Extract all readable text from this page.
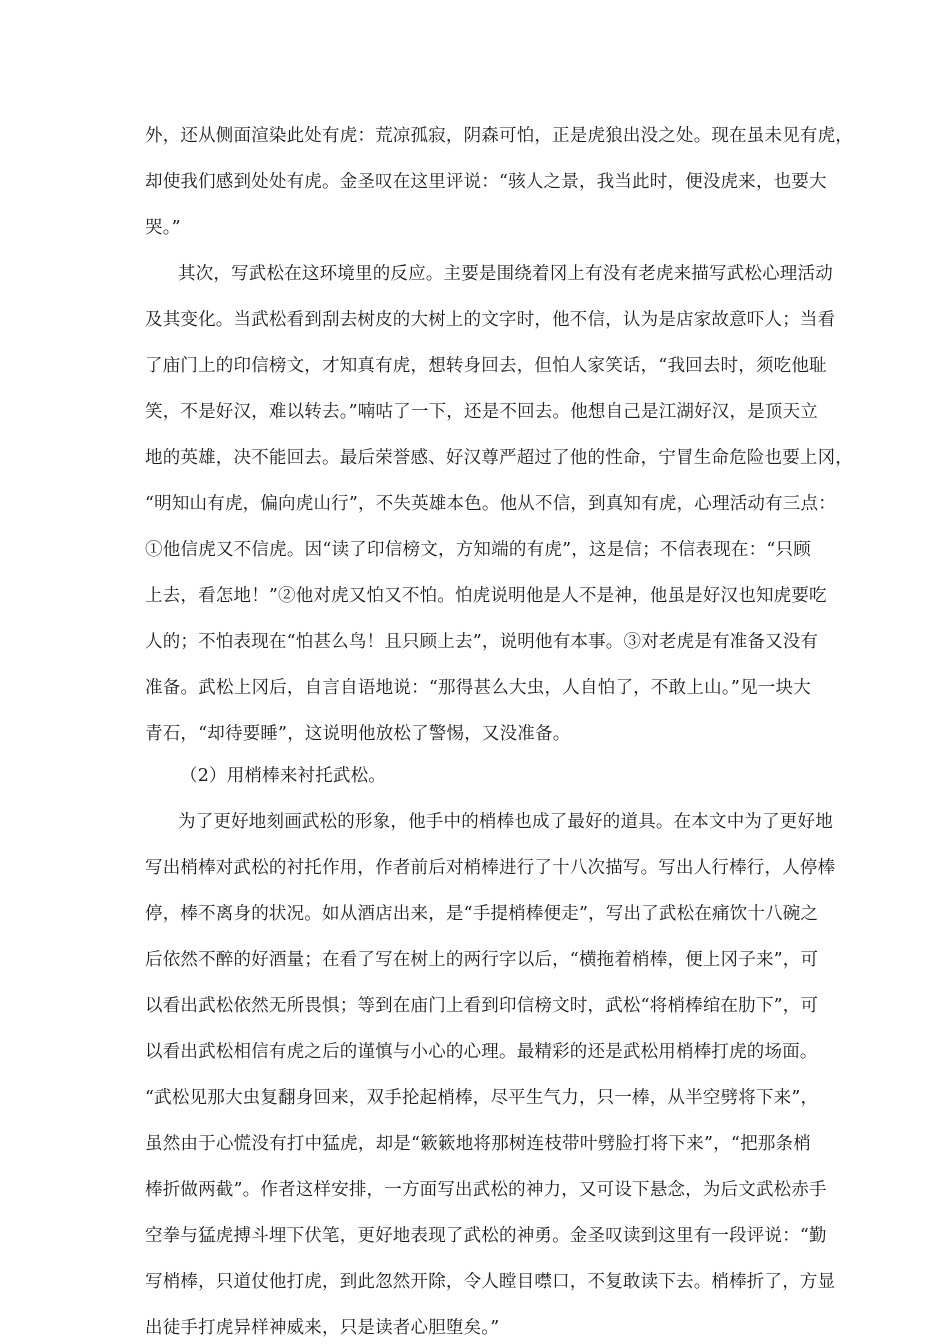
外，还从侧面渲染此处有虎：荒凉孤寂，阴森可怕，正是虎狼出没之处。现在虽未见有虎，
却使我们感到处处有虎。金圣叹在这里评说：“骇人之景，我当此时，便没虎来，也要大
哭。”
其次，写武松在这环境里的反应。主要是围绕着冈上有没有老虎来描写武松心理活动
及其变化。当武松看到刮去树皮的大树上的文字时，他不信，认为是店家故意吓人；当看
了庙门上的印信榜文，才知真有虎，想转身回去，但怕人家笑话，“我回去时，须吃他耻
笑，不是好汉，难以转去。”喃咕了一下，还是不回去。他想自己是江湖好汉，是顶天立
地的英雄，决不能回去。最后荣誉感、好汉尊严超过了他的性命，宁冒生命危险也要上冈，
“明知山有虎，偏向虎山行”，不失英雄本色。他从不信，到真知有虎，心理活动有三点：
①他信虎又不信虎。因“读了印信榜文，方知端的有虎”，这是信；不信表现在：“只顾
上去，看怎地！”②他对虎又怕又不怕。怕虎说明他是人不是神，他虽是好汉也知虎要吃
人的；不怕表现在“怕甚么鸟！且只顾上去”，说明他有本事。③对老虎是有准备又没有
准备。武松上冈后，自言自语地说：“那得甚么大虫，人自怕了，不敢上山。”见一块大
青石，“却待要睡”，这说明他放松了警惕，又没准备。
（2）用梢棒来衬托武松。
为了更好地刻画武松的形象，他手中的梢棒也成了最好的道具。在本文中为了更好地
写出梢棒对武松的衬托作用，作者前后对梢棒进行了十八次描写。写出人行棒行，人停棒
停，棒不离身的状况。如从酒店出来，是“手提梢棒便走”，写出了武松在痛饮十八碗之
后依然不醉的好酒量；在看了写在树上的两行字以后，“横拖着梢棒，便上冈子来”，可
以看出武松依然无所畏惧；等到在庙门上看到印信榜文时，武松“将梢棒绾在肋下”，可
以看出武松相信有虎之后的谨慎与小心的心理。最精彩的还是武松用梢棒打虎的场面。
“武松见那大虫复翻身回来，双手抡起梢棒，尽平生气力，只一棒，从半空劈将下来”，
虽然由于心慌没有打中猛虎，却是“簌簌地将那树连枝带叶劈脸打将下来”，“把那条梢
棒折做两截”。作者这样安排，一方面写出武松的神力，又可设下悬念，为后文武松赤手
空拳与猛虎搏斗埋下伏笔，更好地表现了武松的神勇。金圣叹读到这里有一段评说：“勤
写梢棒，只道仗他打虎，到此忽然开除，令人瞠目噤口，不复敢读下去。梢棒折了，方显
出徒手打虎异样神威来，只是读者心胆堕矣。”
